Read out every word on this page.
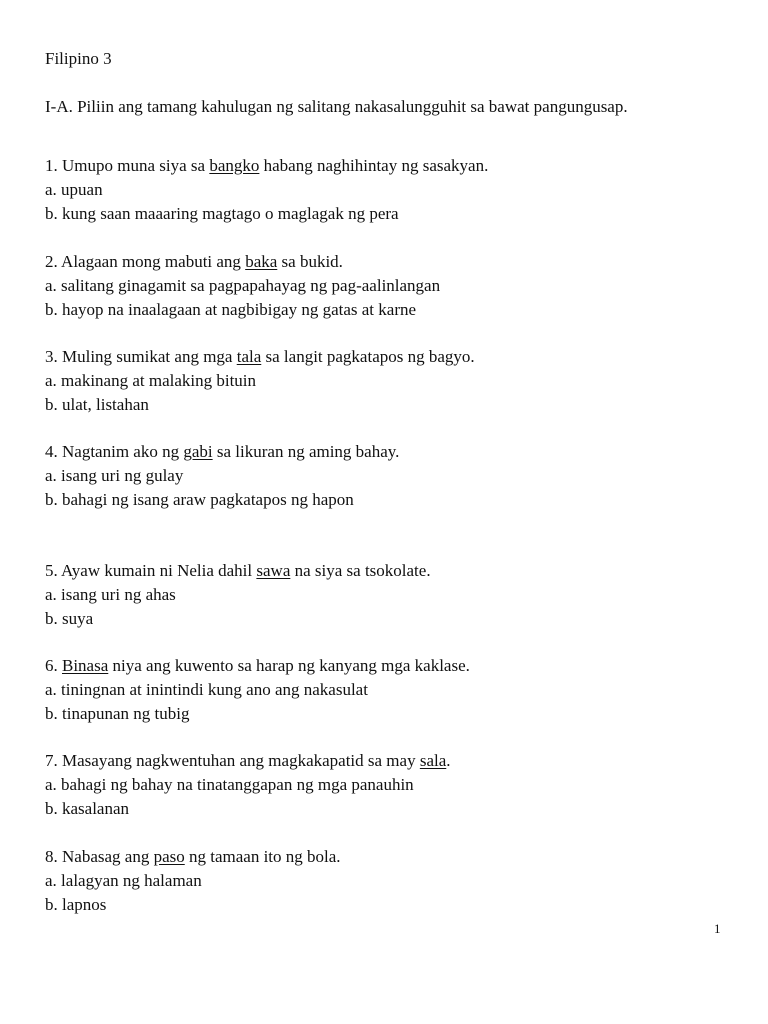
Filipino 3
I-A. Piliin ang tamang kahulugan ng salitang nakasalungguhit sa bawat pangungusap.
1. Umupo muna siya sa bangko habang naghihintay ng sasakyan.
a. upuan
b. kung saan maaaring magtago o maglagak ng pera
2. Alagaan mong mabuti ang baka sa bukid.
a. salitang ginagamit sa pagpapahayag ng pag-aalinlangan
b. hayop na inaalagaan at nagbibigay ng gatas at karne
3. Muling sumikat ang mga tala sa langit pagkatapos ng bagyo.
a. makinang at malaking bituin
b. ulat, listahan
4. Nagtanim ako ng gabi sa likuran ng aming bahay.
a. isang uri ng gulay
b. bahagi ng isang araw pagkatapos ng hapon
5. Ayaw kumain ni Nelia dahil sawa na siya sa tsokolate.
a. isang uri ng ahas
b. suya
6. Binasa niya ang kuwento sa harap ng kanyang mga kaklase.
a. tiningnan at inintindi kung ano ang nakasulat
b. tinapunan ng tubig
7. Masayang nagkwentuhan ang magkakapatid sa may sala.
a. bahagi ng bahay na tinatanggapan ng mga panauhin
b. kasalanan
8. Nabasag ang paso ng tamaan ito ng bola.
a. lalagyan ng halaman
b. lapnos
1
